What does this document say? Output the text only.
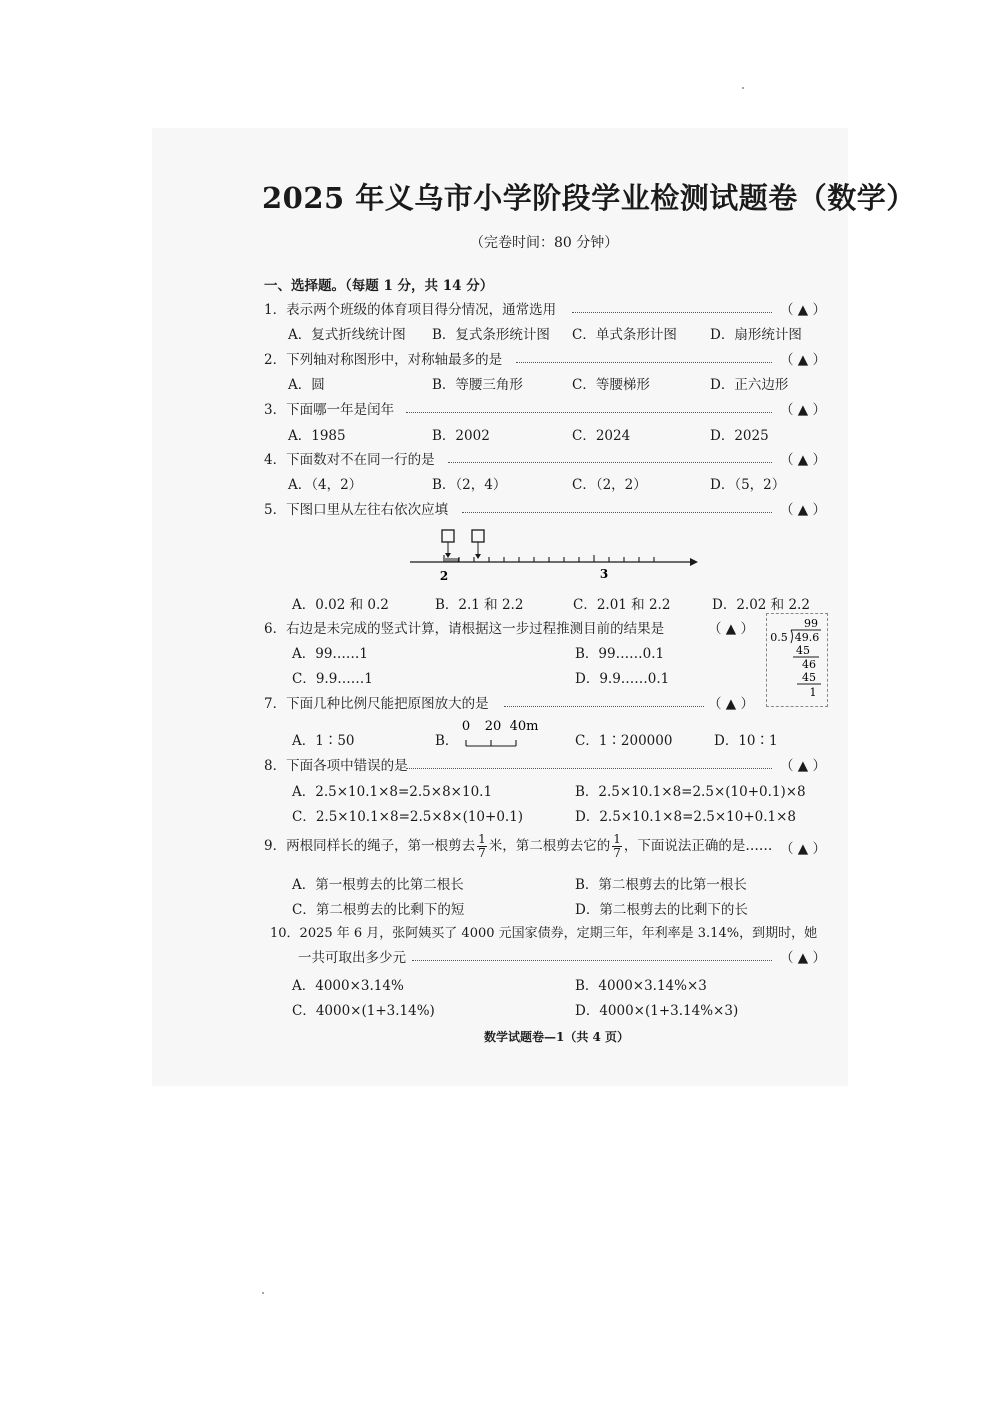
2025 年义乌市小学阶段学业检测试题卷（数学）
（完卷时间：80 分钟）
一、选择题。（每题 1 分，共 14 分）
1．表示两个班级的体育项目得分情况，通常选用	（ ▲ ）
A．复式折线统计图 B．复式条形统计图 C．单式条形计图 D．扇形统计图
2．下列轴对称图形中，对称轴最多的是	（ ▲ ）
A．圆	B．等腰三角形	C．等腰梯形	D．正六边形
3．下面哪一年是闰年	（ ▲ ）
A．1985	B．2002	C．2024	D．2025
4．下面数对不在同一行的是	（ ▲ ）
A．（4，2）	B．（2，4）	C．（2，2）	D．（5，2）
5．下图口里从左往右依次应填	（ ▲ ）
2	3
A．0.02 和 0.2	B．2.1 和 2.2	C．2.01 和 2.2	D．2.02 和 2.2
6．右边是未完成的竖式计算，请根据这一步过程推测目前的结果是	（ ▲ ）
A．99……1	B．99……0.1
C．9.9……1	D．9.9……0.1
99
0.5 49.6
45
46
45
1
7．下面几种比例尺能把原图放大的是	（ ▲ ）
A．1∶50	B．
0 20 40m
C．1∶200000	D．10∶1
8．下面各项中错误的是	（ ▲ ）
A．2.5×10.1×8=2.5×8×10.1	B．2.5×10.1×8=2.5×(10+0.1)×8
C．2.5×10.1×8=2.5×8×(10+0.1)	D．2.5×10.1×8=2.5×10+0.1×8
9．两根同样长的绳子，第一根剪去 $\frac{1}{7}$ 米，第二根剪去它的 $\frac{1}{7}$ ，下面说法正确的是…… （ ▲ ）
A．第一根剪去的比第二根长	B．第二根剪去的比第一根长
C．第二根剪去的比剩下的短	D．第二根剪去的比剩下的长
10．2025 年 6 月，张阿姨买了 4000 元国家债券，定期三年，年利率是 3.14%，到期时，她
一共可取出多少元	（ ▲ ）
A．4000×3.14%	B．4000×3.14%×3
C．4000×(1+3.14%)	D．4000×(1+3.14%×3)
数学试题卷—1（共 4 页）
